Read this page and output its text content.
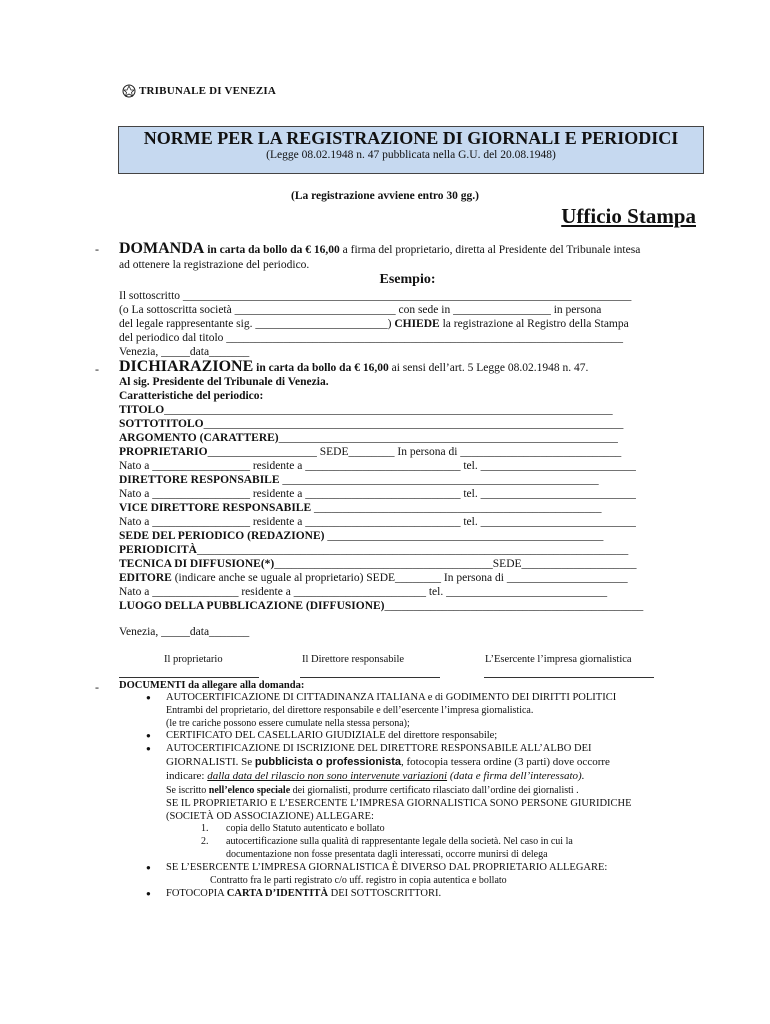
TRIBUNALE DI VENEZIA
NORME PER LA REGISTRAZIONE DI GIORNALI E PERIODICI
(Legge 08.02.1948 n. 47 pubblicata nella G.U. del 20.08.1948)
(La registrazione avviene entro 30 gg.)
Ufficio Stampa
- DOMANDA in carta da bollo da € 16,00 a firma del proprietario, diretta al Presidente del Tribunale intesa
ad ottenere la registrazione del periodico.
Esempio:
Il sottoscritto ______________________________________________________________________________
(o La sottoscritta società ____________________________ con sede in _________________ in persona
del legale rappresentante sig. _______________________) CHIEDE la registrazione al Registro della Stampa
del periodico dal titolo _____________________________________________________________________
Venezia, _____data_______
- DICHIARAZIONE in carta da bollo da € 16,00 ai sensi dell’art. 5 Legge 08.02.1948 n. 47.
Al sig. Presidente del Tribunale di Venezia.
Caratteristiche del periodico:
TITOLO______________________________________________________________________________
SOTTOTITOLO_________________________________________________________________________
ARGOMENTO (CARATTERE)___________________________________________________________
PROPRIETARIO___________________ SEDE________ In persona di ____________________________
Nato a _________________ residente a ___________________________ tel. ___________________________
DIRETTORE RESPONSABILE _______________________________________________________
Nato a _________________ residente a ___________________________ tel. ___________________________
VICE DIRETTORE RESPONSABILE __________________________________________________
Nato a _________________ residente a ___________________________ tel. ___________________________
SEDE DEL PERIODICO (REDAZIONE) ________________________________________________
PERIODICITÀ___________________________________________________________________________
TECNICA DI DIFFUSIONE(*)______________________________________SEDE____________________
EDITORE (indicare anche se uguale al proprietario) SEDE________ In persona di _____________________
Nato a _______________ residente a _______________________ tel. ____________________________
LUOGO DELLA PUBBLICAZIONE (DIFFUSIONE)_____________________________________________
Venezia, _____data_______
Il proprietario	Il Direttore responsabile	L’Esercente l’impresa giornalistica
- DOCUMENTI da allegare alla domanda:
AUTOCERTIFICAZIONE DI CITTADINANZA ITALIANA e di GODIMENTO DEI DIRITTI POLITICI
●
Entrambi del proprietario, del direttore responsabile e dell’esercente l’impresa giornalistica.
(le tre cariche possono essere cumulate nella stessa persona);
CERTIFICATO DEL CASELLARIO GIUDIZIALE del direttore responsabile;
●
AUTOCERTIFICAZIONE DI ISCRIZIONE DEL DIRETTORE RESPONSABILE ALL’ALBO DEI
●
GIORNALISTI. Se pubblicista o professionista, fotocopia tessera ordine (3 parti) dove occorre
indicare: dalla data del rilascio non sono intervenute variazioni (data e firma dell’interessato).
Se iscritto nell’elenco speciale dei giornalisti, produrre certificato rilasciato dall’ordine dei giornalisti .
SE IL PROPRIETARIO E L’ESERCENTE L’IMPRESA GIORNALISTICA SONO PERSONE GIURIDICHE
(SOCIETÀ OD ASSOCIAZIONE) ALLEGARE:
1.	copia dello Statuto autenticato e bollato
2.	autocertificazione sulla qualità di rappresentante legale della società. Nel caso in cui la
documentazione non fosse presentata dagli interessati, occorre munirsi di delega
SE L’ESERCENTE L’IMPRESA GIORNALISTICA È DIVERSO DAL PROPRIETARIO ALLEGARE:
●
Contratto fra le parti registrato c/o uff. registro in copia autentica e bollato
FOTOCOPIA CARTA D’IDENTITÀ DEI SOTTOSCRITTORI.
●
